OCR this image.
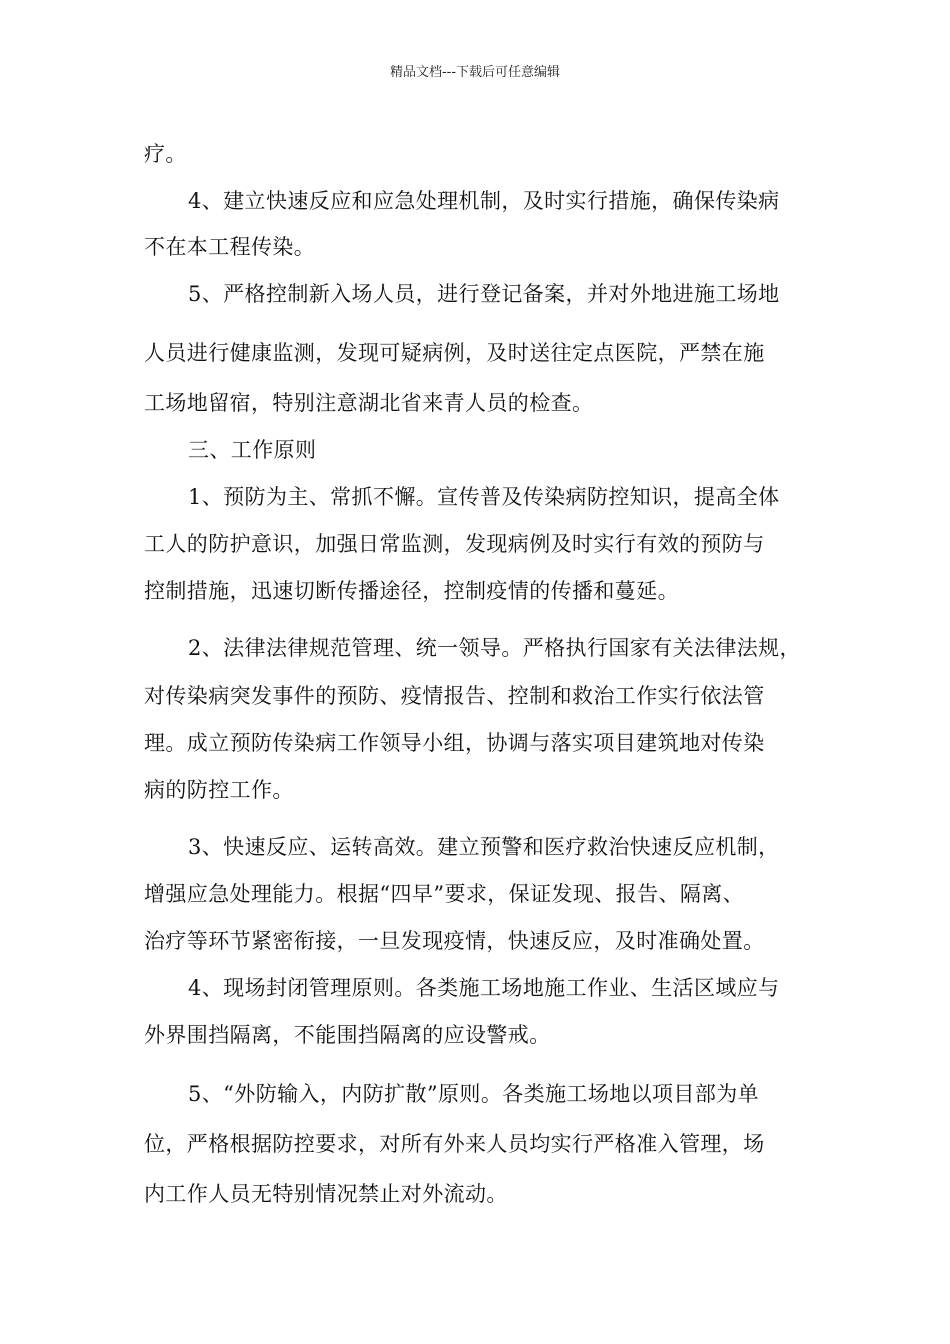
精品文档---下载后可任意编辑
疗。
4、建立快速反应和应急处理机制，及时实行措施，确保传染病
不在本工程传染。
5、严格控制新入场人员，进行登记备案，并对外地进施工场地
人员进行健康监测，发现可疑病例，及时送往定点医院，严禁在施
工场地留宿，特别注意湖北省来青人员的检查。
三、工作原则
1、预防为主、常抓不懈。宣传普及传染病防控知识，提高全体
工人的防护意识，加强日常监测，发现病例及时实行有效的预防与
控制措施，迅速切断传播途径，控制疫情的传播和蔓延。
2、法律法律规范管理、统一领导。严格执行国家有关法律法规，
对传染病突发事件的预防、疫情报告、控制和救治工作实行依法管
理。成立预防传染病工作领导小组，协调与落实项目建筑地对传染
病的防控工作。
3、快速反应、运转高效。建立预警和医疗救治快速反应机制，
增强应急处理能力。根据“四早”要求，保证发现、报告、隔离、
治疗等环节紧密衔接，一旦发现疫情，快速反应，及时准确处置。
4、现场封闭管理原则。各类施工场地施工作业、生活区域应与
外界围挡隔离，不能围挡隔离的应设警戒。
5、“外防输入，内防扩散”原则。各类施工场地以项目部为单
位，严格根据防控要求，对所有外来人员均实行严格准入管理，场
内工作人员无特别情况禁止对外流动。
